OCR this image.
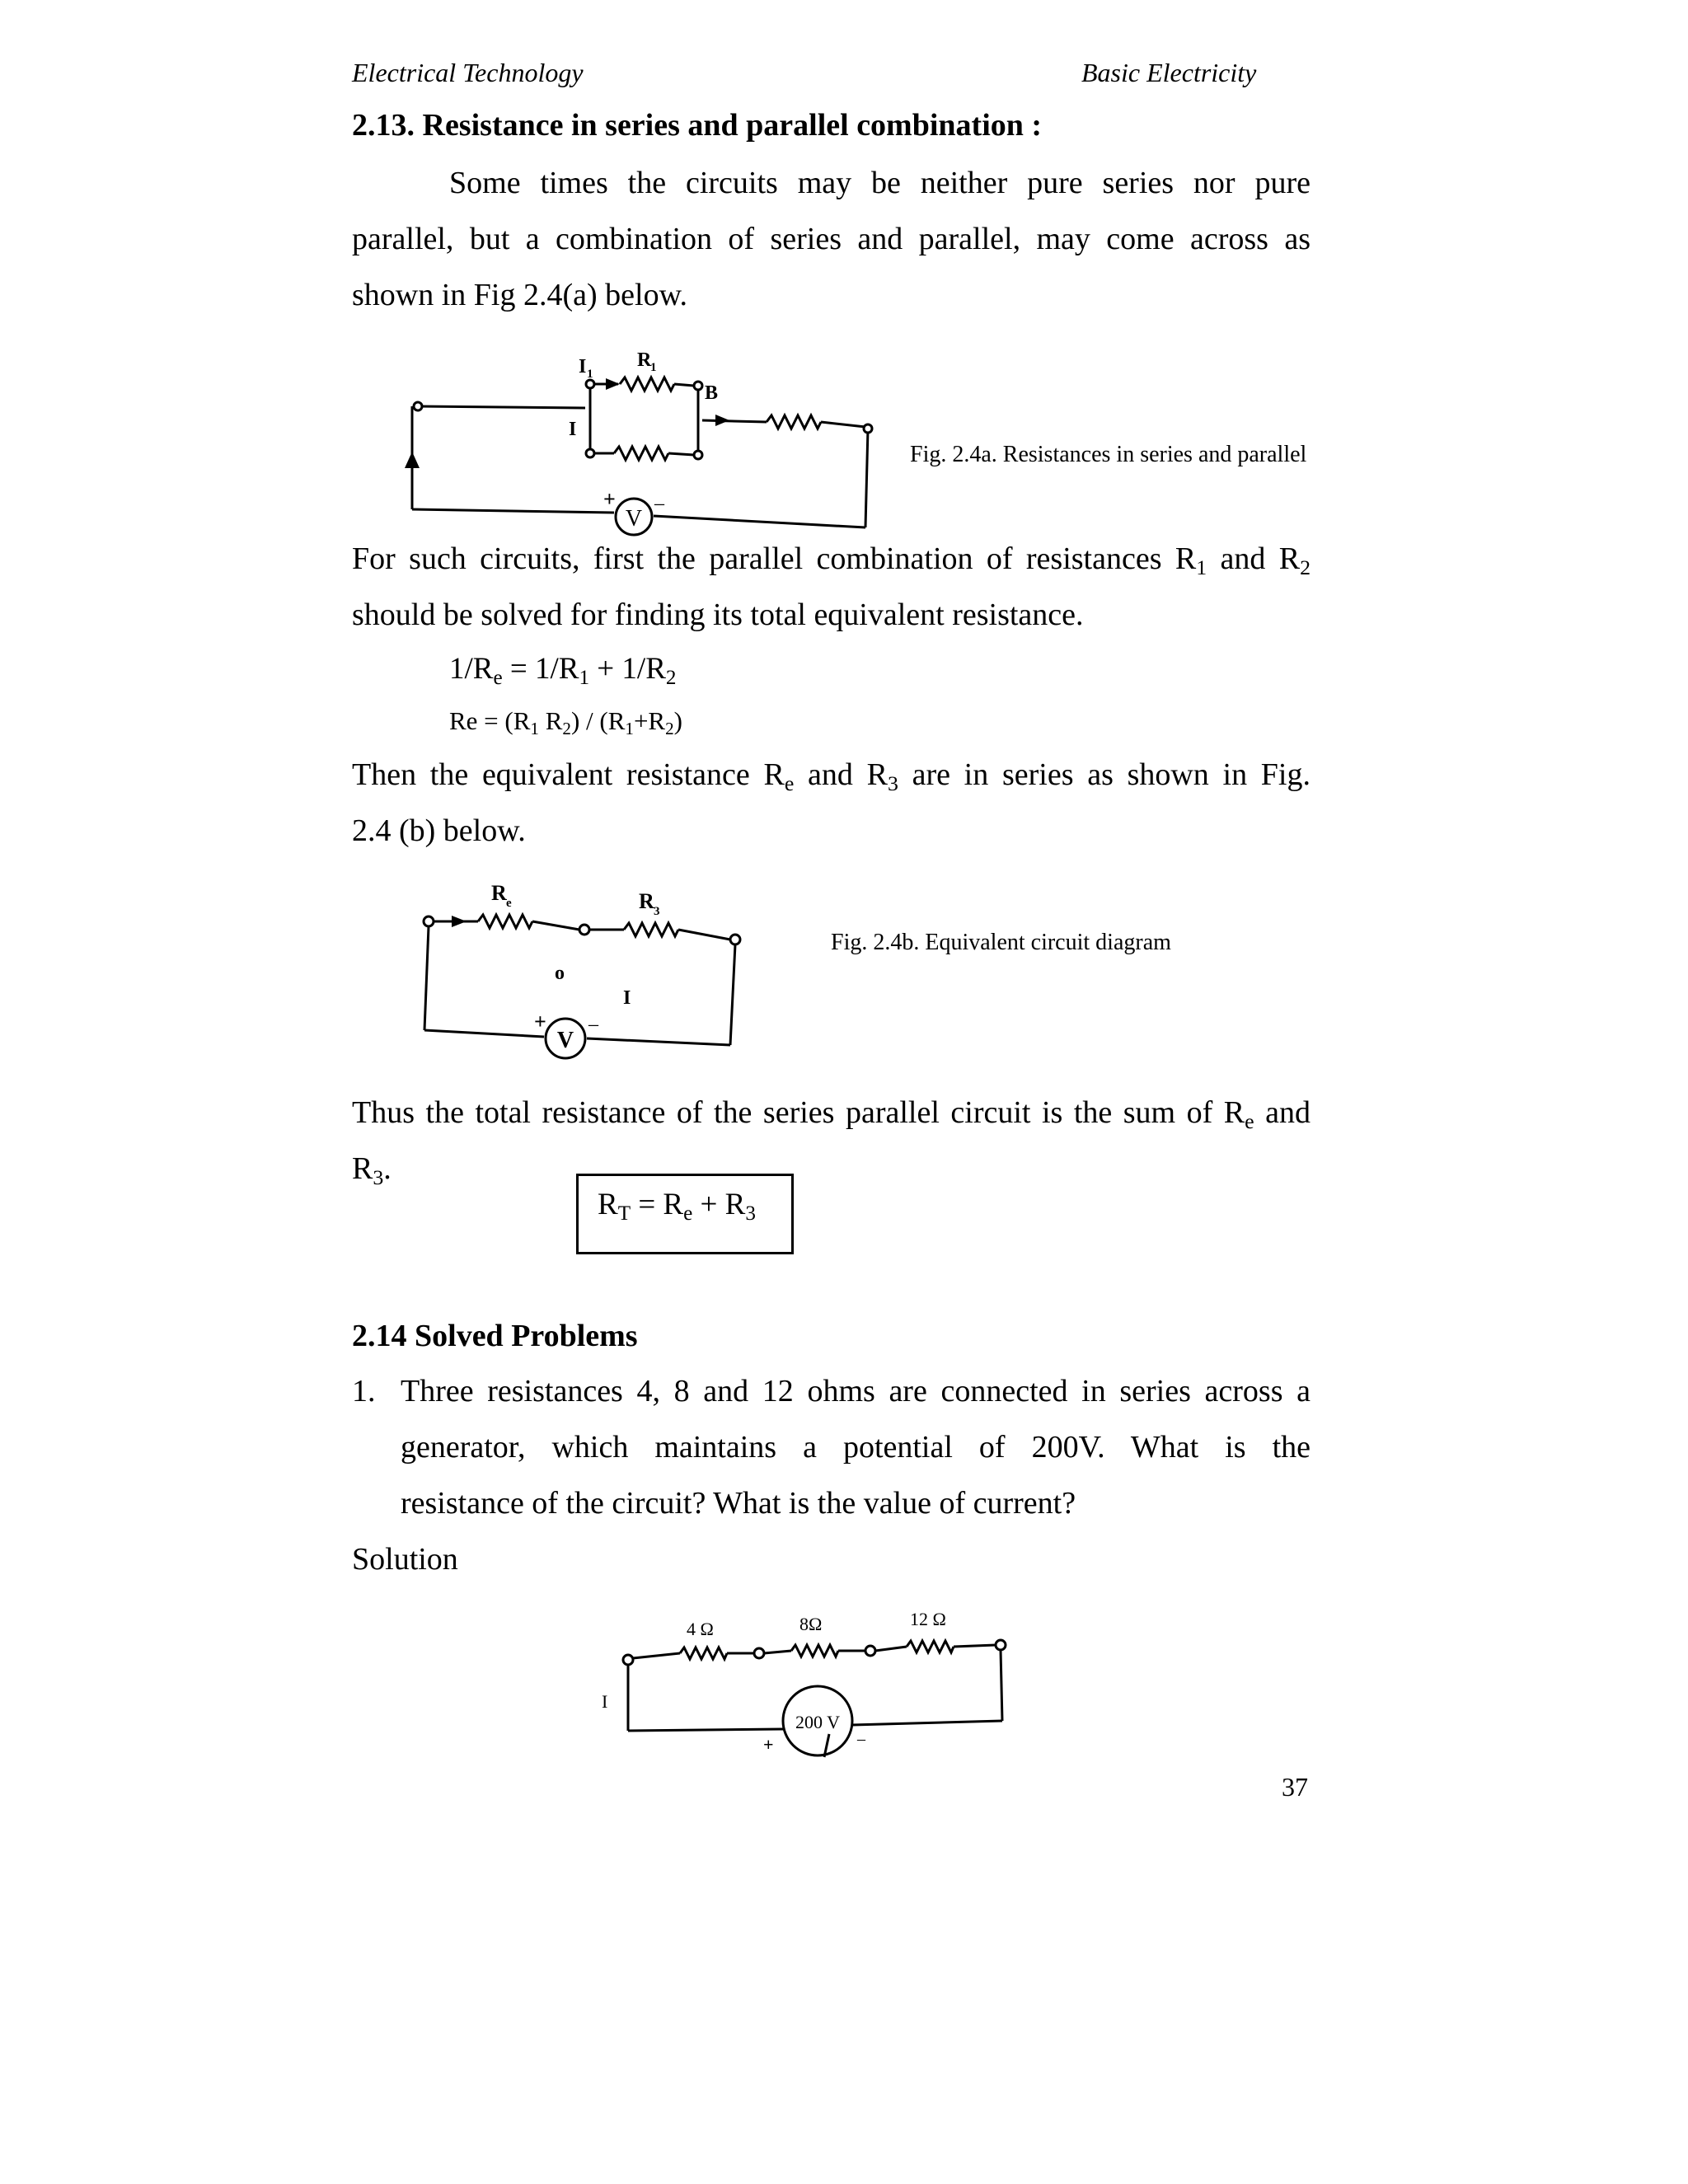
Electrical Technology	Basic Electricity
2.13. Resistance in series and parallel combination :
Some times the circuits may be neither pure series nor pure
parallel, but a combination of series and parallel, may come across as
shown in Fig 2.4(a) below.
V
+ –
I 1
R
1
B
I
Fig. 2.4a. Resistances in series and parallel
For such circuits, first the parallel combination of resistances $R_1$ and $R_2$
should be solved for finding its total equivalent resistance.
$1/R_e = 1/R_1 + 1/R_2$
$Re = (R_1$ $R_2) / (R_1+R_2)$
Then the equivalent resistance $R_e$ and $R_3$ are in series as shown in Fig.
2.4 (b) below.
V
+ –
R e	R 3
o
I
Fig. 2.4b. Equivalent circuit diagram
Thus the total resistance of the series parallel circuit is the sum of $R_e$ and
$R_3$.
$R_T = R_e + R_3$
2.14 Solved Problems
1. Three resistances 4, 8 and 12 ohms are connected in series across a
generator, which maintains a potential of 200V. What is the
resistance of the circuit? What is the value of current?
Solution
200 V
+	–
4 Ω	8Ω	12 Ω
I
37
